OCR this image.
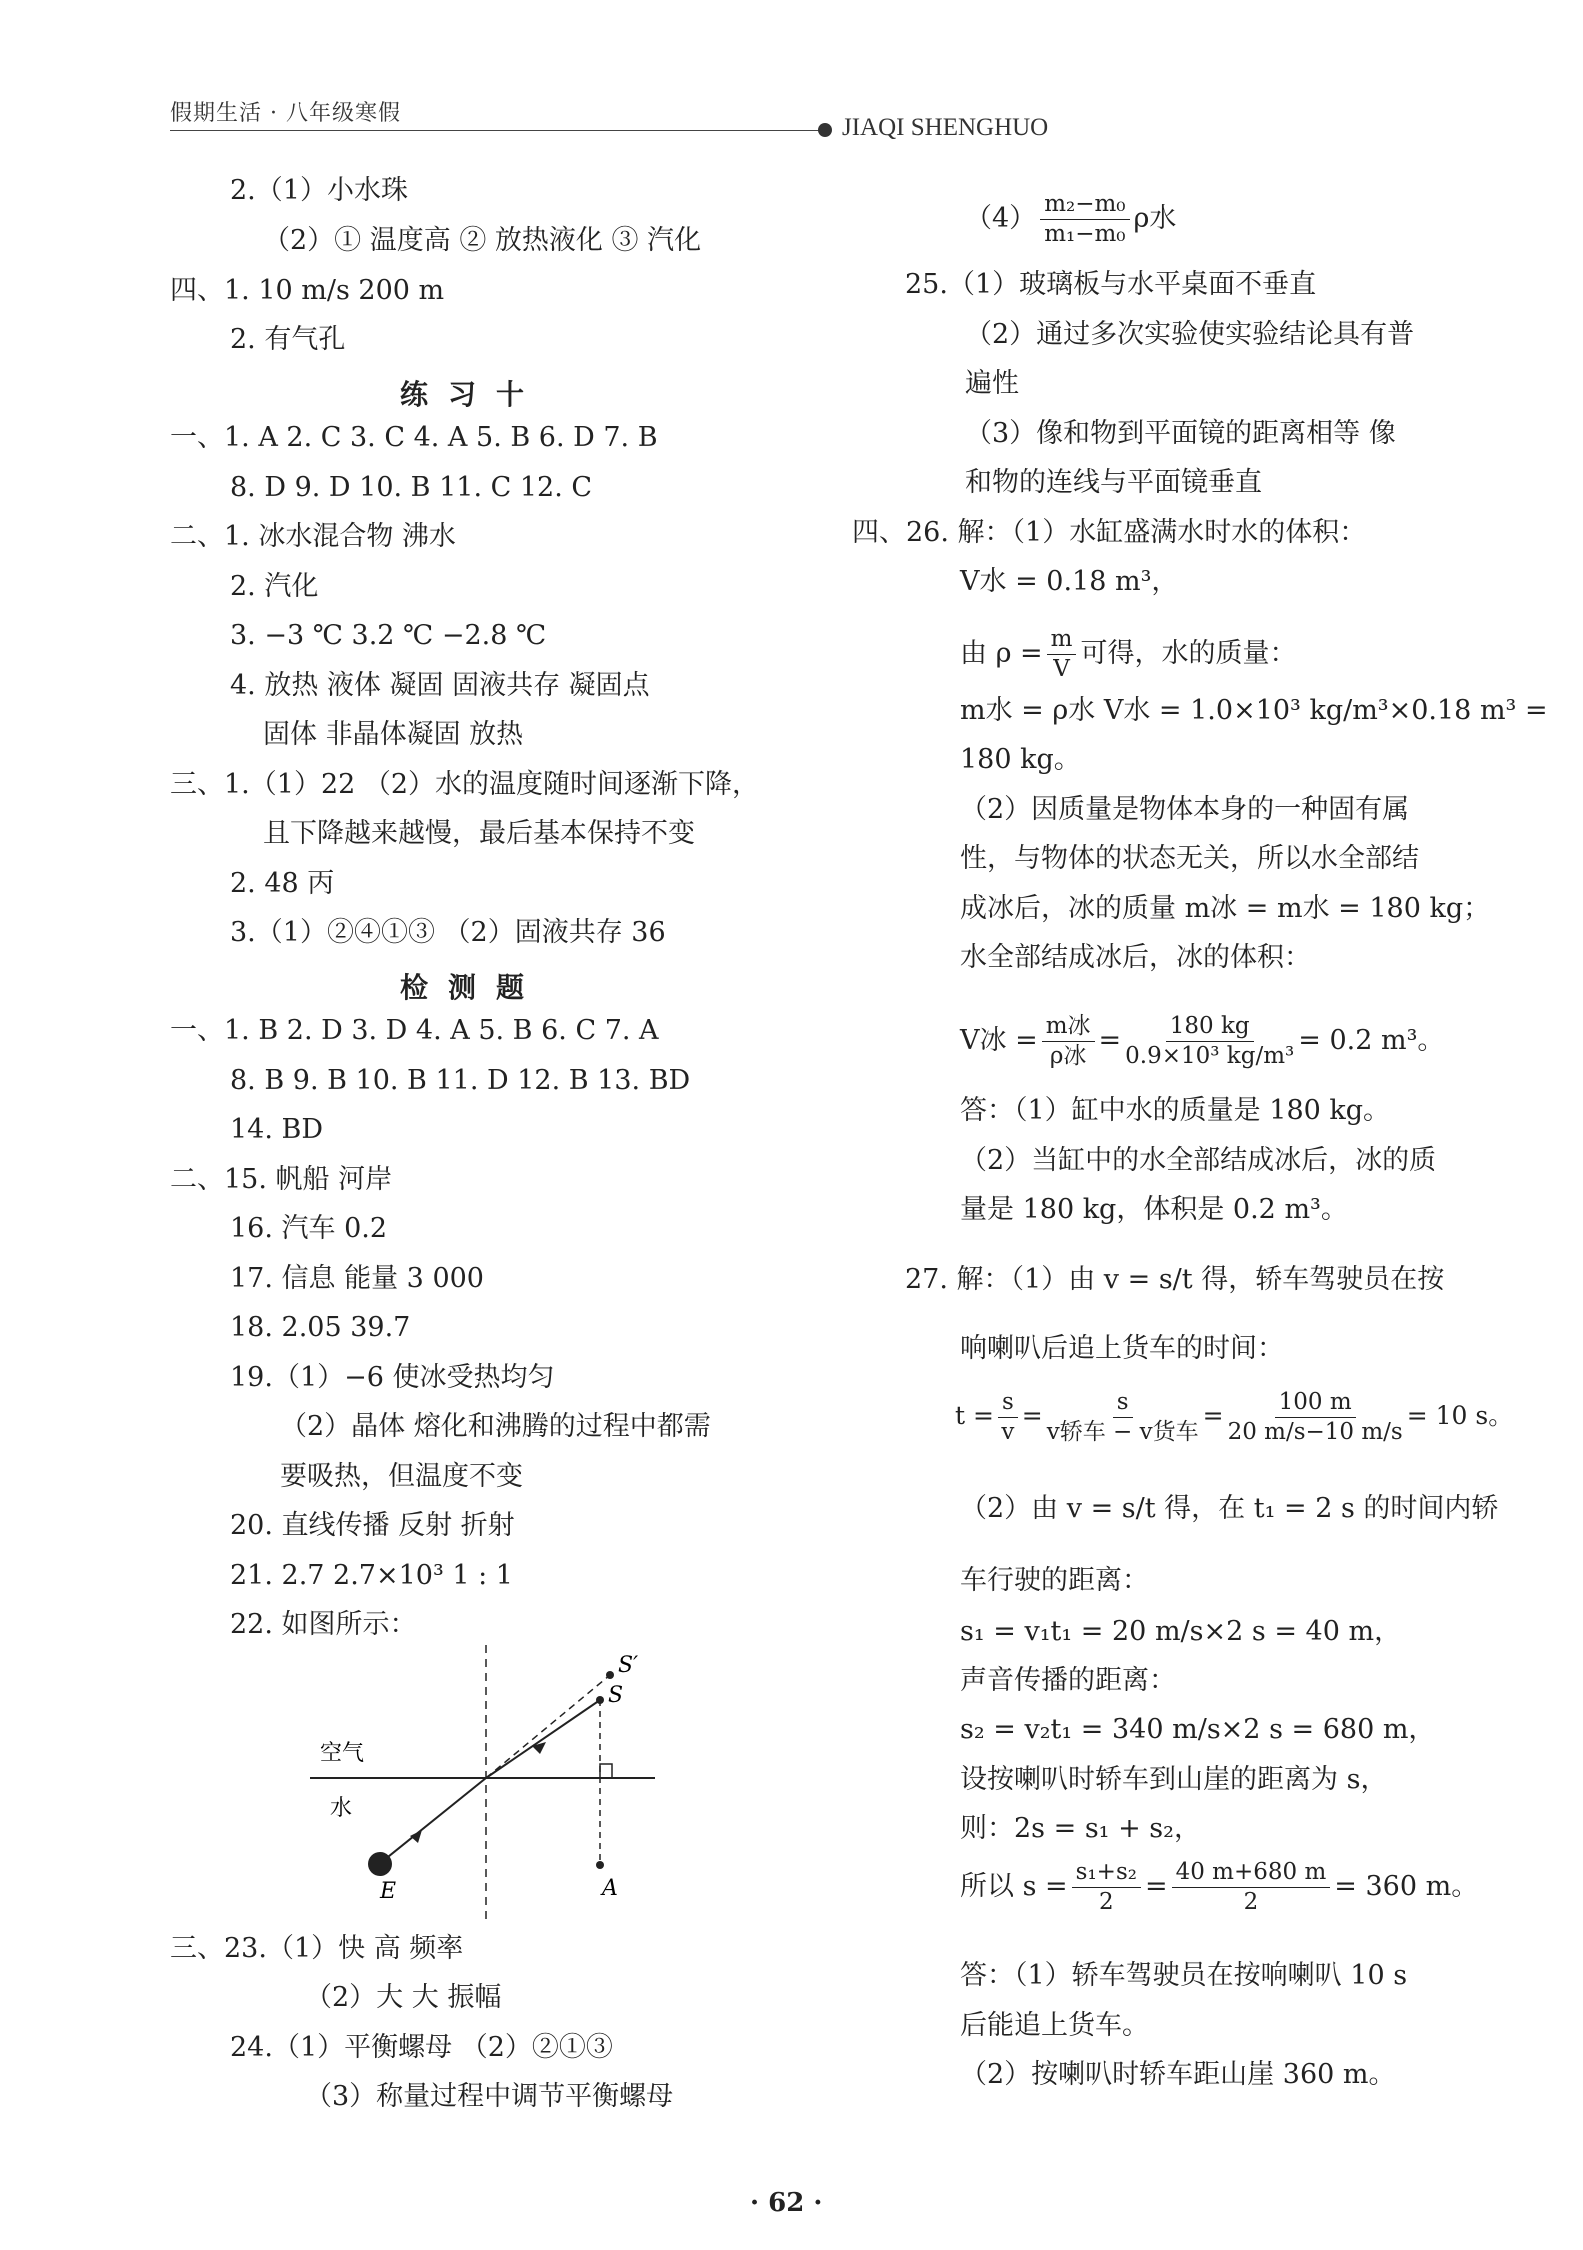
假期生活 · 八年级寒假
JIAQI SHENGHUO
2.（1）小水珠
（2）① 温度高 ② 放热液化 ③ 汽化
四、1. 10 m/s 200 m
2. 有气孔
一、1. A 2. C 3. C 4. A 5. B 6. D 7. B
8. D 9. D 10. B 11. C 12. C
二、1. 冰水混合物 沸水
2. 汽化
3. −3 ℃ 3.2 ℃ −2.8 ℃
4. 放热 液体 凝固 固液共存 凝固点
固体 非晶体凝固 放热
三、1.（1）22 （2）水的温度随时间逐渐下降，
且下降越来越慢，最后基本保持不变
2. 48 丙
3.（1）②④①③ （2）固液共存 36
一、1. B 2. D 3. D 4. A 5. B 6. C 7. A
8. B 9. B 10. B 11. D 12. B 13. BD
14. BD
二、15. 帆船 河岸
16. 汽车 0.2
17. 信息 能量 3 000
18. 2.05 39.7
19.（1）−6 使冰受热均匀
（2）晶体 熔化和沸腾的过程中都需
要吸热，但温度不变
20. 直线传播 反射 折射
21. 2.7 2.7×10³ 1 : 1
22. 如图所示：
三、23.（1）快 高 频率
（2）大 大 振幅
24.（1）平衡螺母 （2）②①③
（3）称量过程中调节平衡螺母
练习十
检测题
25.（1）玻璃板与水平桌面不垂直
（2）通过多次实验使实验结论具有普
遍性
（3）像和物到平面镜的距离相等 像
和物的连线与平面镜垂直
四、26. 解：（1）水缸盛满水时水的体积：
V水 = 0.18 m³，
m水 = ρ水 V水 = 1.0×10³ kg/m³×0.18 m³ =
180 kg。
（2）因质量是物体本身的一种固有属
性，与物体的状态无关，所以水全部结
成冰后，冰的质量 m冰 = m水 = 180 kg；
水全部结成冰后，冰的体积：
答：（1）缸中水的质量是 180 kg。
（2）当缸中的水全部结成冰后，冰的质
量是 180 kg，体积是 0.2 m³。
27. 解：（1）由 v = s/t 得，轿车驾驶员在按
响喇叭后追上货车的时间：
（2）由 v = s/t 得，在 t₁ = 2 s 的时间内轿
车行驶的距离：
s₁ = v₁t₁ = 20 m/s×2 s = 40 m，
声音传播的距离：
s₂ = v₂t₁ = 340 m/s×2 s = 680 m，
设按喇叭时轿车到山崖的距离为 s，
则：2s = s₁ + s₂，
答：（1）轿车驾驶员在按响喇叭 10 s
后能追上货车。
（2）按喇叭时轿车距山崖 360 m。
$(4) \frac{\text{m₂−m₀}}{\text{m₁−m₀}}$ ρ水
由 $\rho = \frac{m}{V}$ 可得，水的质量：
V冰 = m冰
ρ冰 = $\frac{180 kg}{\text{0.9×10³ kg/m³}} = 0.2$ m³。
$t = \frac{s}{v}$ =	s
v轿车 − v货车
= $\frac{100 m}{20 m/s-10 m/s} = 10$ s。
所以 $s = \frac{\text{s₁+s₂}}{2} = \frac{40 m+680 m}{2} = 360$ m。
空气
水
S′
S
A
E
· 62 ·
